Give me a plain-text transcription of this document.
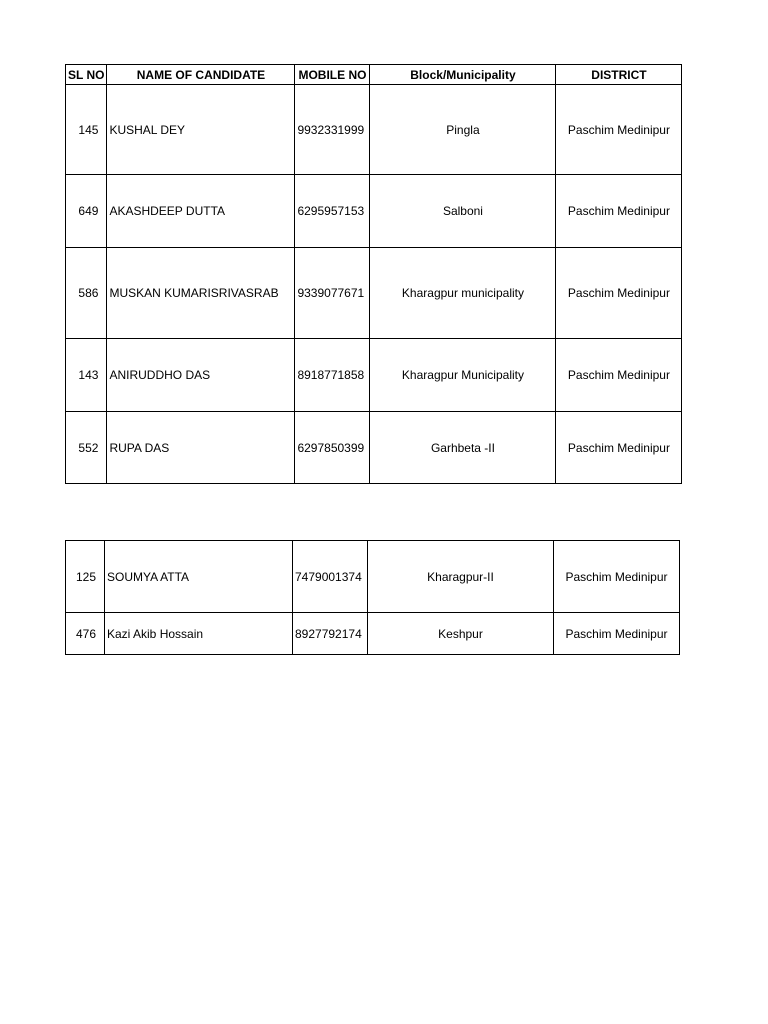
SL NO	NAME OF CANDIDATE	MOBILE NO	Block/Municipality	DISTRICT
145	KUSHAL DEY	9932331999	Pingla	Paschim Medinipur
649	AKASHDEEP DUTTA	6295957153	Salboni	Paschim Medinipur
586	MUSKAN KUMARISRIVASRAB	9339077671	Kharagpur municipality	Paschim Medinipur
143	ANIRUDDHO DAS	8918771858	Kharagpur Municipality	Paschim Medinipur
552	RUPA DAS	6297850399	Garhbeta -II	Paschim Medinipur
125	SOUMYA ATTA	7479001374	Kharagpur-II	Paschim Medinipur
476	Kazi Akib Hossain	8927792174	Keshpur	Paschim Medinipur
